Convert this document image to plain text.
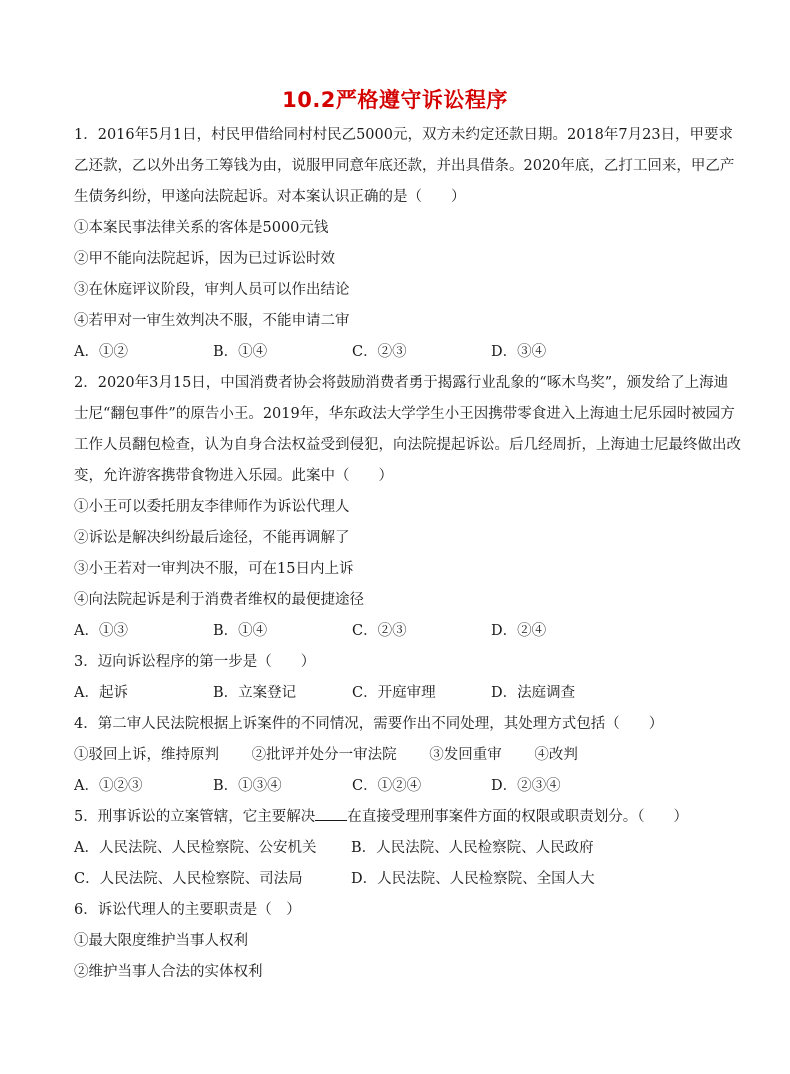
10.2严格遵守诉讼程序
1．2016年5月1日，村民甲借给同村村民乙5000元，双方未约定还款日期。2018年7月23日，甲要求
乙还款，乙以外出务工筹钱为由，说服甲同意年底还款，并出具借条。2020年底，乙打工回来，甲乙产
生债务纠纷，甲遂向法院起诉。对本案认识正确的是（　　）
①本案民事法律关系的客体是5000元钱
②甲不能向法院起诉，因为已过诉讼时效
③在休庭评议阶段，审判人员可以作出结论
④若甲对一审生效判决不服，不能申请二审
A．①②	B．①④	C．②③	D．③④
2．2020年3月15日，中国消费者协会将鼓励消费者勇于揭露行业乱象的“啄木鸟奖”，颁发给了上海迪
士尼“翻包事件”的原告小王。2019年，华东政法大学学生小王因携带零食进入上海迪士尼乐园时被园方
工作人员翻包检查，认为自身合法权益受到侵犯，向法院提起诉讼。后几经周折，上海迪士尼最终做出改
变，允许游客携带食物进入乐园。此案中（　　）
①小王可以委托朋友李律师作为诉讼代理人
②诉讼是解决纠纷最后途径，不能再调解了
③小王若对一审判决不服，可在15日内上诉
④向法院起诉是利于消费者维权的最便捷途径
A．①③	B．①④	C．②③	D．②④
3．迈向诉讼程序的第一步是（　　）
A．起诉	B．立案登记	C．开庭审理	D．法庭调查
4．第二审人民法院根据上诉案件的不同情况，需要作出不同处理，其处理方式包括（　　）
①驳回上诉，维持原判 ②批评并处分一审法院 ③发回重审 ④改判
A．①②③	B．①③④	C．①②④	D．②③④
5．刑事诉讼的立案管辖，它主要解决 在直接受理刑事案件方面的权限或职责划分。（　　）
A．人民法院、人民检察院、公安机关	B．人民法院、人民检察院、人民政府
C．人民法院、人民检察院、司法局	D．人民法院、人民检察院、全国人大
6．诉讼代理人的主要职责是（　）
①最大限度维护当事人权利
②维护当事人合法的实体权利
